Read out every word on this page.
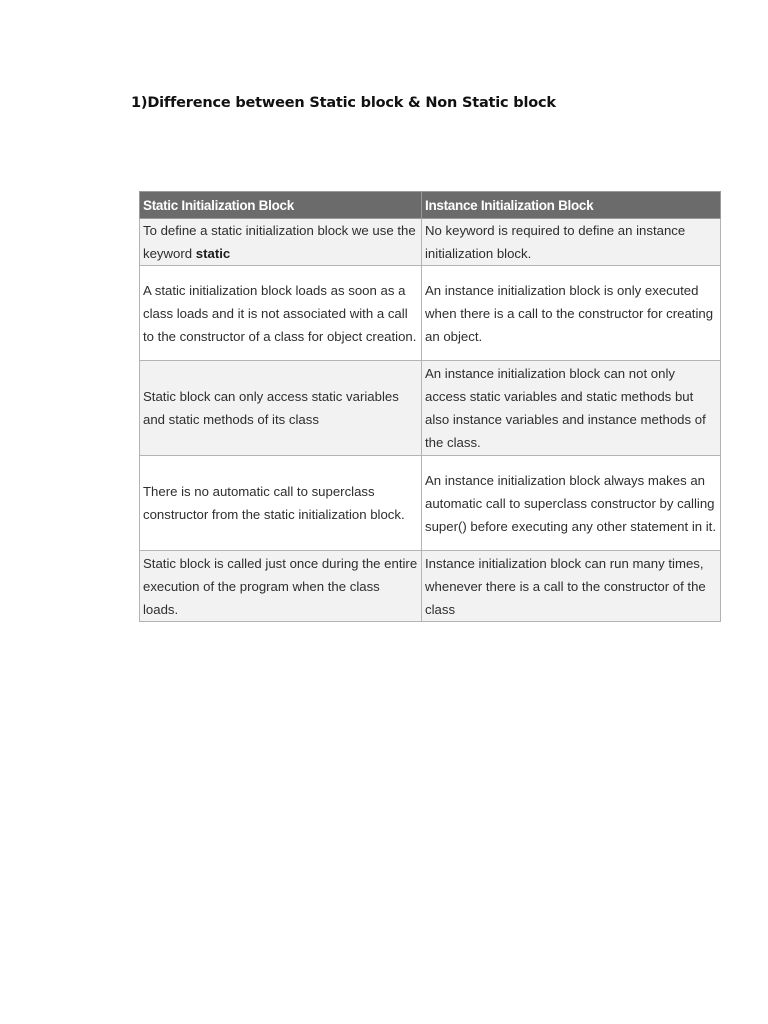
1)Difference between Static block & Non Static block
Static Initialization Block	Instance Initialization Block
To define a static initialization block we use the keyword static	No keyword is required to define an instance initialization block.
A static initialization block loads as soon as a class loads and it is not associated with a call to the constructor of a class for object creation.	An instance initialization block is only executed when there is a call to the constructor for creating an object.
Static block can only access static variables and static methods of its class	An instance initialization block can not only access static variables and static methods but also instance variables and instance methods of the class.
There is no automatic call to superclass constructor from the static initialization block.	An instance initialization block always makes an automatic call to superclass constructor by calling super() before executing any other statement in it.
Static block is called just once during the entire execution of the program when the class loads.	Instance initialization block can run many times, whenever there is a call to the constructor of the class
